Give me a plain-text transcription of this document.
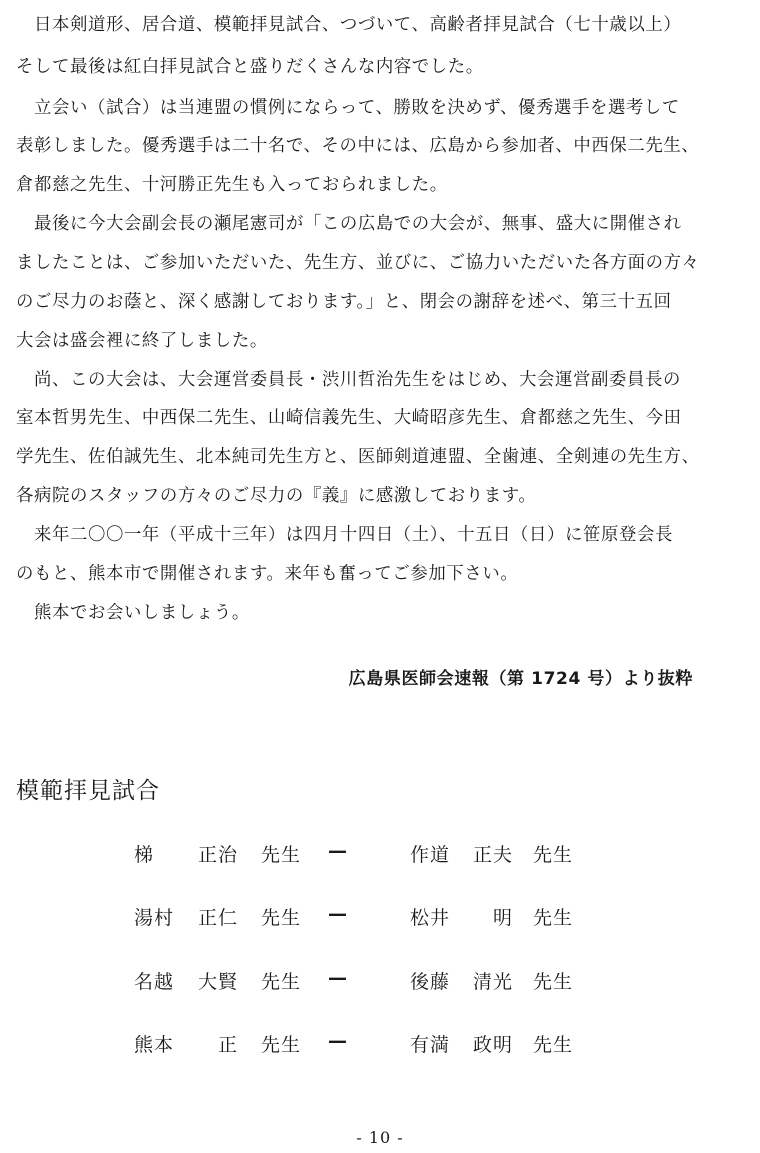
　日本剣道形、居合道、模範拝見試合、つづいて、高齢者拝見試合（七十歳以上）
そして最後は紅白拝見試合と盛りだくさんな内容でした。
　立会い（試合）は当連盟の慣例にならって、勝敗を決めず、優秀選手を選考して
表彰しました。優秀選手は二十名で、その中には、広島から参加者、中西保二先生、
倉都慈之先生、十河勝正先生も入っておられました。
　最後に今大会副会長の瀬尾憲司が「この広島での大会が、無事、盛大に開催され
ましたことは、ご参加いただいた、先生方、並びに、ご協力いただいた各方面の方々
のご尽力のお蔭と、深く感謝しております。」と、閉会の謝辞を述べ、第三十五回
大会は盛会裡に終了しました。
　尚、この大会は、大会運営委員長・渋川哲治先生をはじめ、大会運営副委員長の
室本哲男先生、中西保二先生、山崎信義先生、大崎昭彦先生、倉都慈之先生、今田
学先生、佐伯誠先生、北本純司先生方と、医師剣道連盟、全歯連、全剣連の先生方、
各病院のスタッフの方々のご尽力の『義』に感激しております。
　来年二〇〇一年（平成十三年）は四月十四日（土）、十五日（日）に笹原登会長
のもと、熊本市で開催されます。来年も奮ってご参加下さい。
　熊本でお会いしましょう。
広島県医師会速報（第 1724 号）より抜粋
模範拝見試合
梯	正治 先生 —	作道	正夫 先生
湯村	正仁 先生 —	松井	明 先生
名越	大賢 先生 —	後藤	清光 先生
熊本	正 先生 —	有満	政明 先生
- 10 -
